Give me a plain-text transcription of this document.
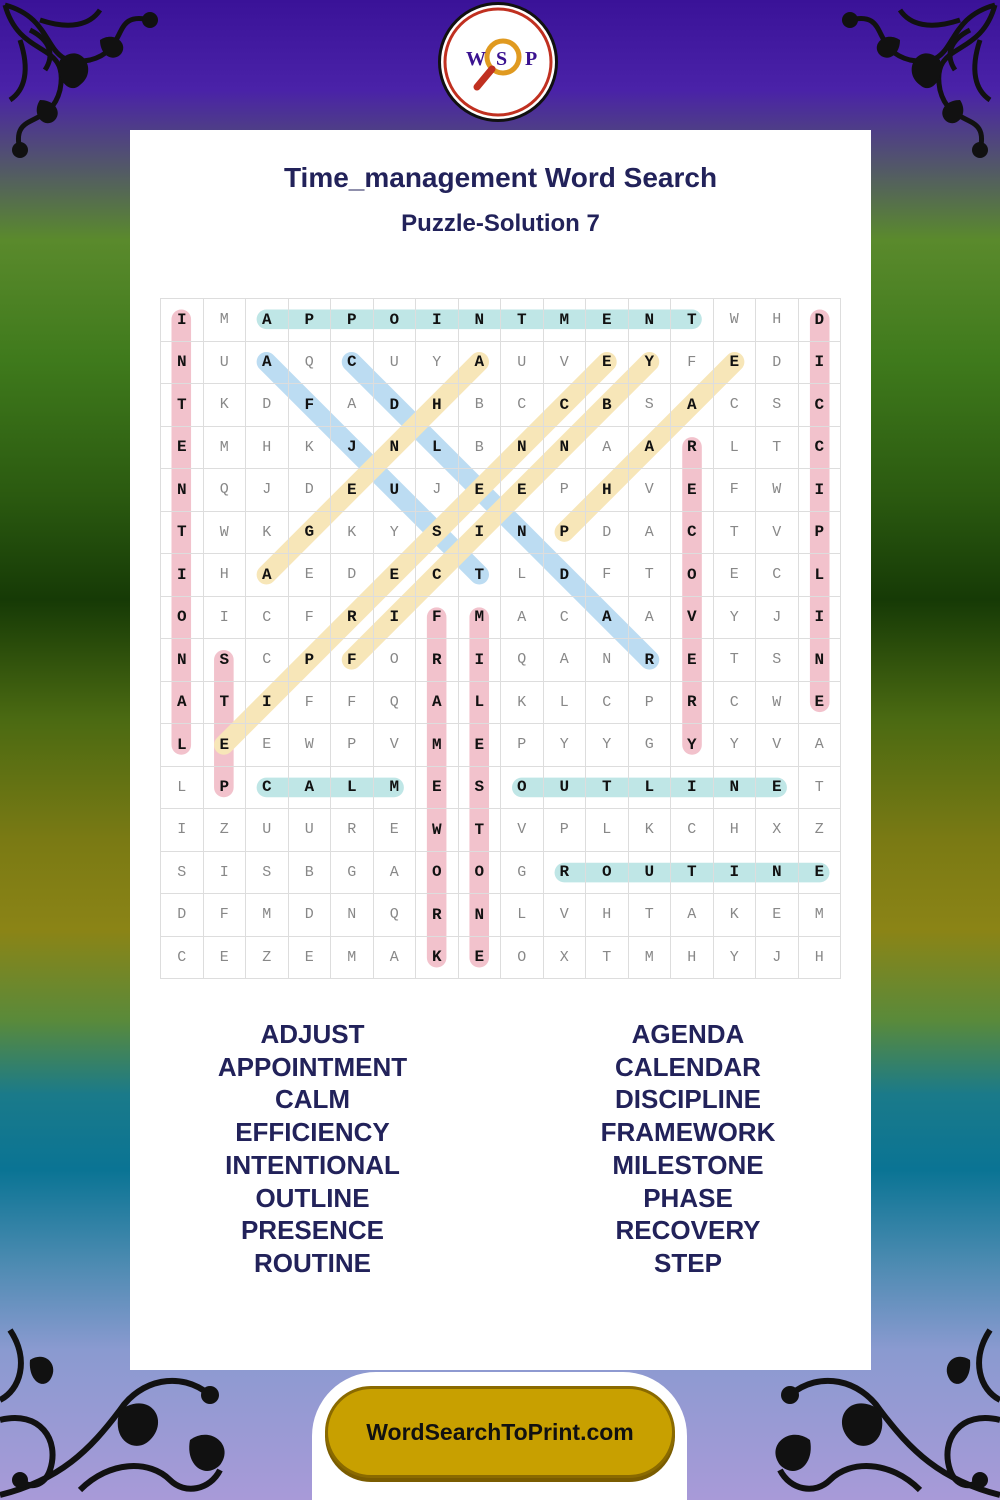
W S P
Time_management Word Search
Puzzle-Solution 7
I	M	A	P	P	O	I	N	T	M	E	N	T	W	H	D
N	U	A	Q	C	U	Y	A	U	V	E	Y	F	E	D	I
T	K	D	F	A	D	H	B	C	C	B	S	A	C	S	C
E	M	H	K	J	N	L	B	N	N	A	A	R	L	T	C
N	Q	J	D	E	U	J	E	E	P	H	V	E	F	W	I
T	W	K	G	K	Y	S	I	N	P	D	A	C	T	V	P
I	H	A	E	D	E	C	T	L	D	F	T	O	E	C	L
O	I	C	F	R	I	F	M	A	C	A	A	V	Y	J	I
N	S	C	P	F	O	R	I	Q	A	N	R	E	T	S	N
A	T	I	F	F	Q	A	L	K	L	C	P	R	C	W	E
L	E	E	W	P	V	M	E	P	Y	Y	G	Y	Y	V	A
L	P	C	A	L	M	E	S	O	U	T	L	I	N	E	T
I	Z	U	U	R	E	W	T	V	P	L	K	C	H	X	Z
S	I	S	B	G	A	O	O	G	R	O	U	T	I	N	E
D	F	M	D	N	Q	R	N	L	V	H	T	A	K	E	M
C	E	Z	E	M	A	K	E	O	X	T	M	H	Y	J	H
ADJUST
APPOINTMENT
CALM
EFFICIENCY
INTENTIONAL
OUTLINE
PRESENCE
ROUTINE
AGENDA
CALENDAR
DISCIPLINE
FRAMEWORK
MILESTONE
PHASE
RECOVERY
STEP
WordSearchToPrint.com
